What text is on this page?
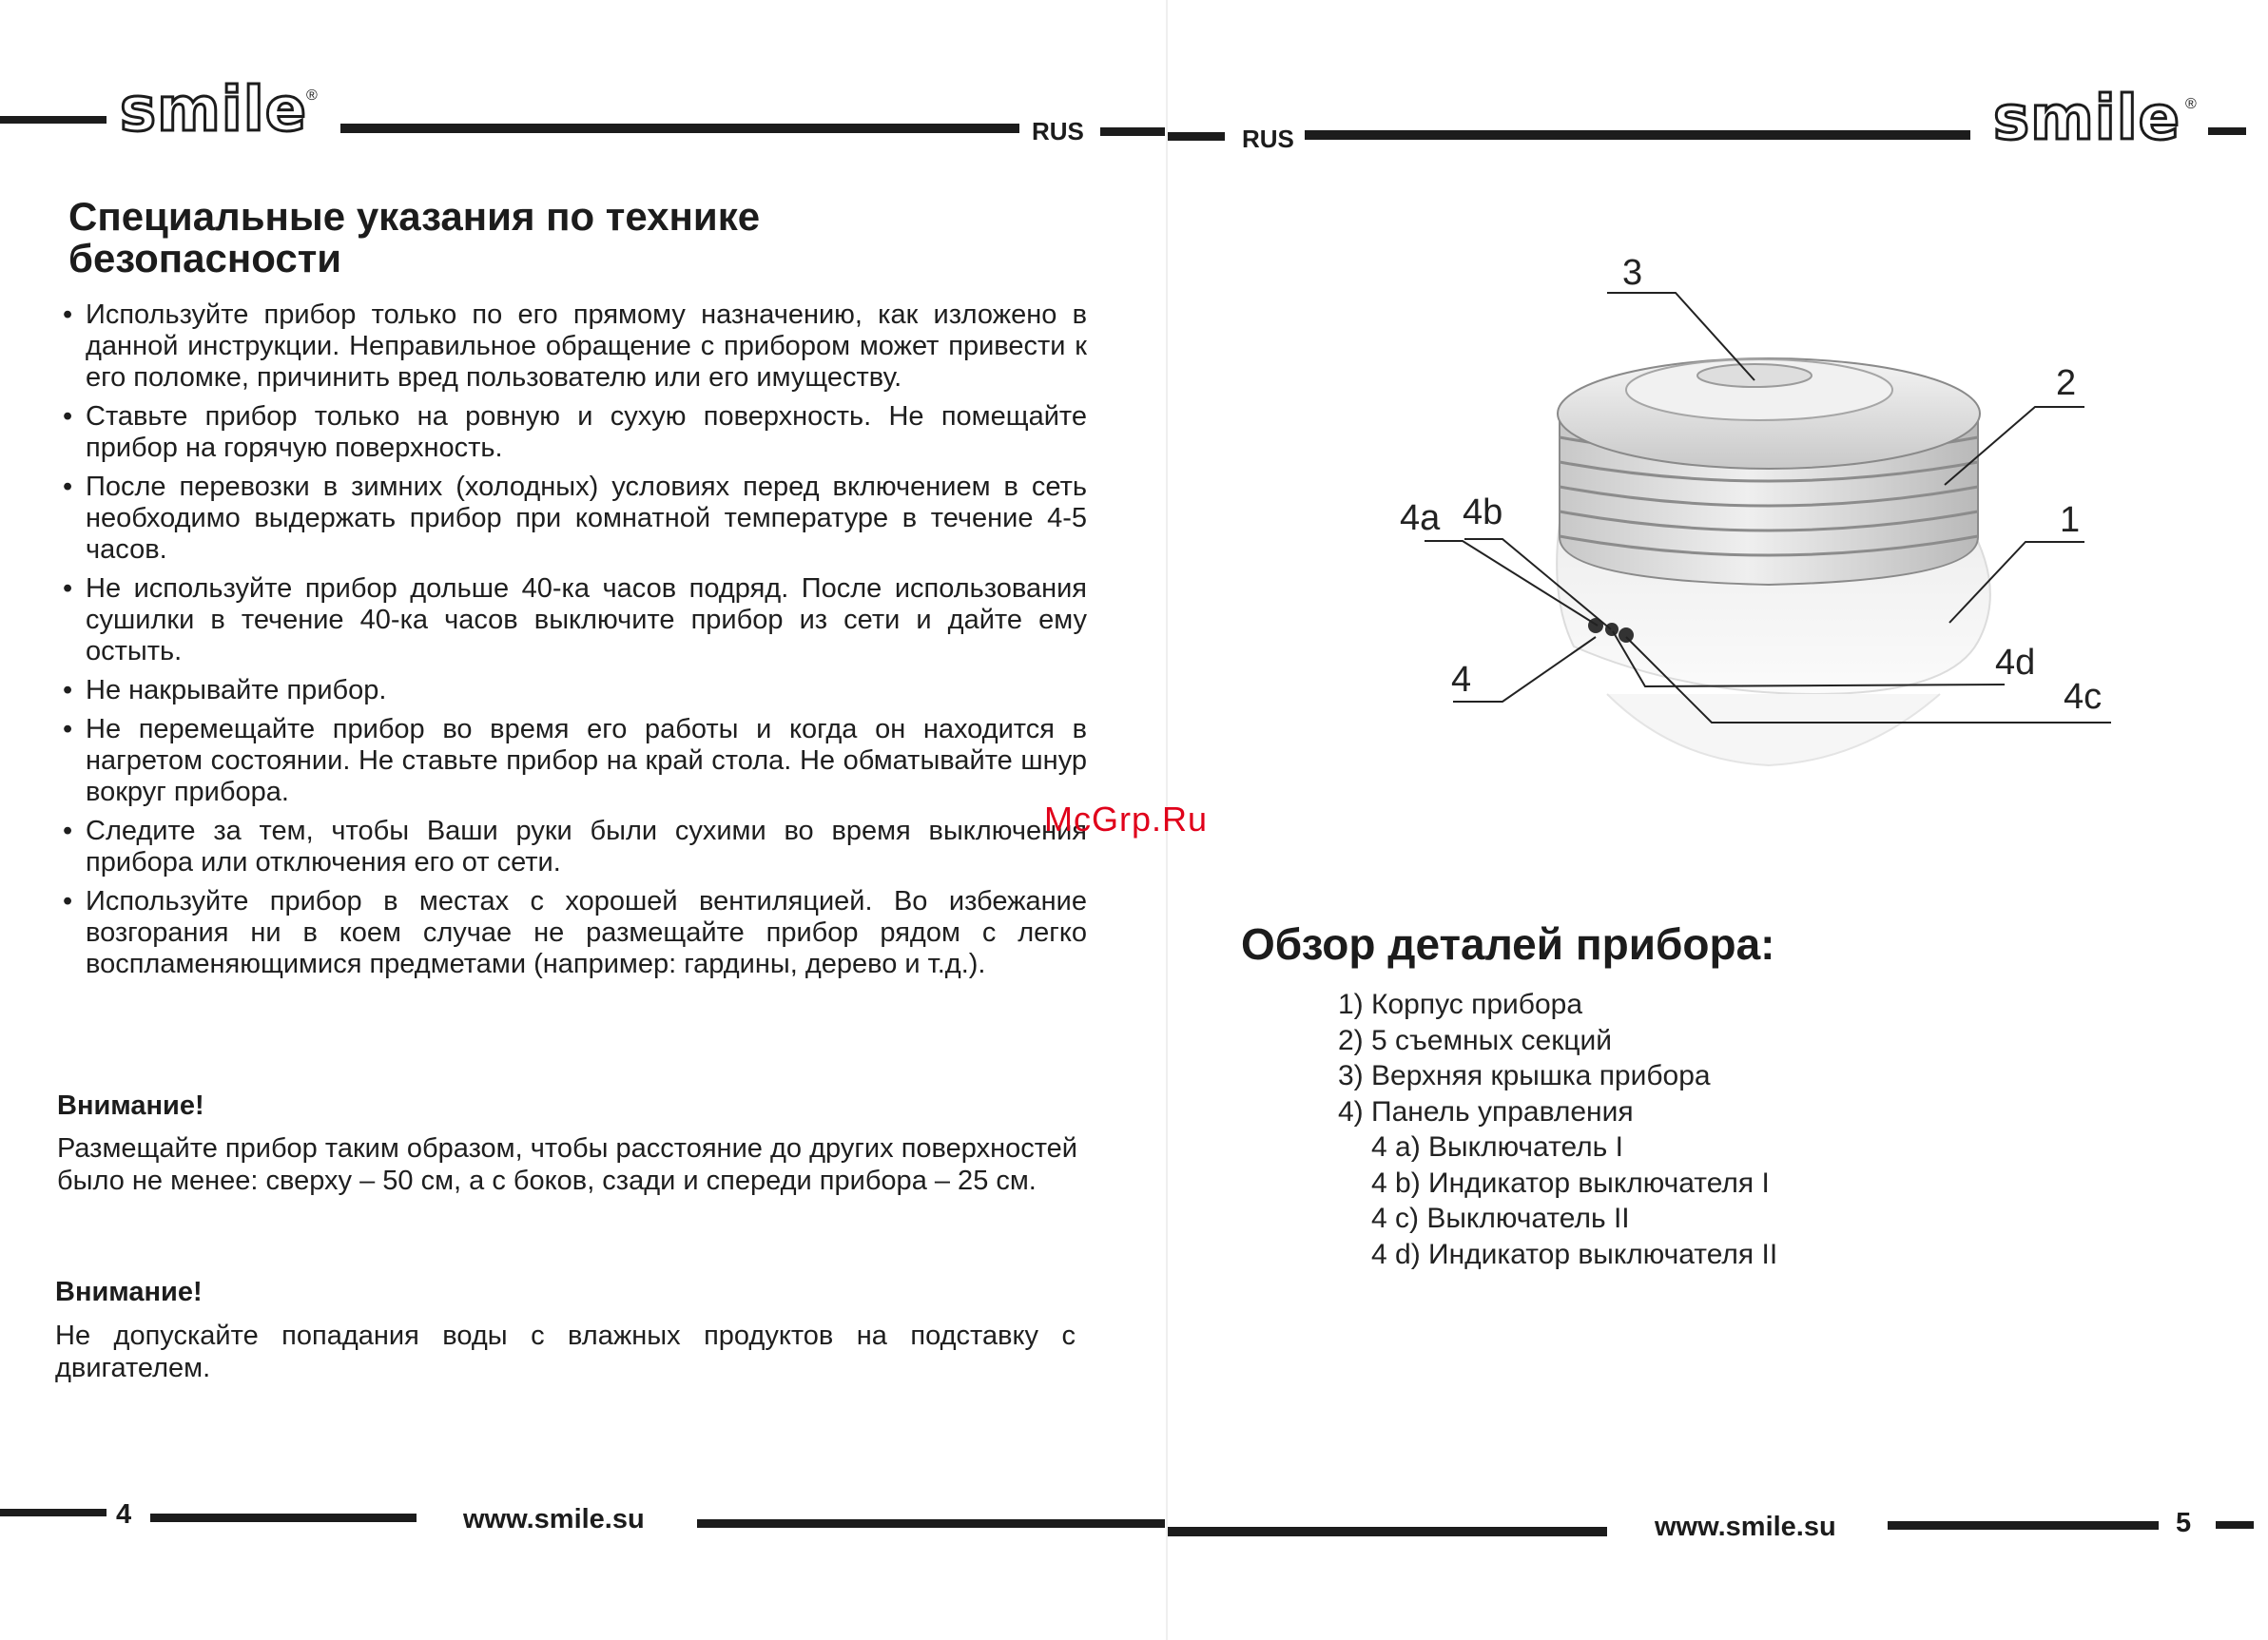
smile
®
RUS
Специальные указания по технике
безопасности
• Используйте прибор только по его прямому назначению, как изложено в данной инструкции. Неправильное обращение с прибором может привести к его поломке, причинить вред пользователю или его имуществу.
• Ставьте прибор только на ровную и сухую поверхность. Не помещайте прибор на горячую поверхность.
• После перевозки в зимних (холодных) условиях перед включением в сеть необходимо выдержать прибор при комнатной температуре в течение 4-5 часов.
• Не используйте прибор дольше 40-ка часов подряд. После использования сушилки в течение 40-ка часов выключите прибор из сети и дайте ему остыть.
• Не накрывайте прибор.
• Не перемещайте прибор во время его работы и когда он находится в нагретом состоянии. Не ставьте прибор на край стола. Не обматывайте шнур вокруг прибора.
• Следите за тем, чтобы Ваши руки были сухими во время выключения прибора или отключения его от сети.
• Используйте прибор в местах с хорошей вентиляцией. Во избежание возгорания ни в коем случае не размещайте прибор рядом с легко воспламеняющимися предметами (например: гардины, дерево и т.д.).
Внимание!
Размещайте прибор таким образом, чтобы расстояние до других поверхностей было не менее: сверху – 50 см, а с боков, сзади и спереди прибора – 25 см.
Внимание!
Не допускайте попадания воды с влажных продуктов на подставку с двигателем.
McGrp.Ru
4	www.smile.su
RUS	smile ®
3
2
1
4a 4b
4	4d
4c
Обзор деталей прибора:
1) Корпус прибора
2) 5 съемных секций
3) Верхняя крышка прибора
4) Панель управления
4 a) Выключатель I
4 b) Индикатор выключателя I
4 c) Выключатель II
4 d) Индикатор выключателя II
www.smile.su	5
